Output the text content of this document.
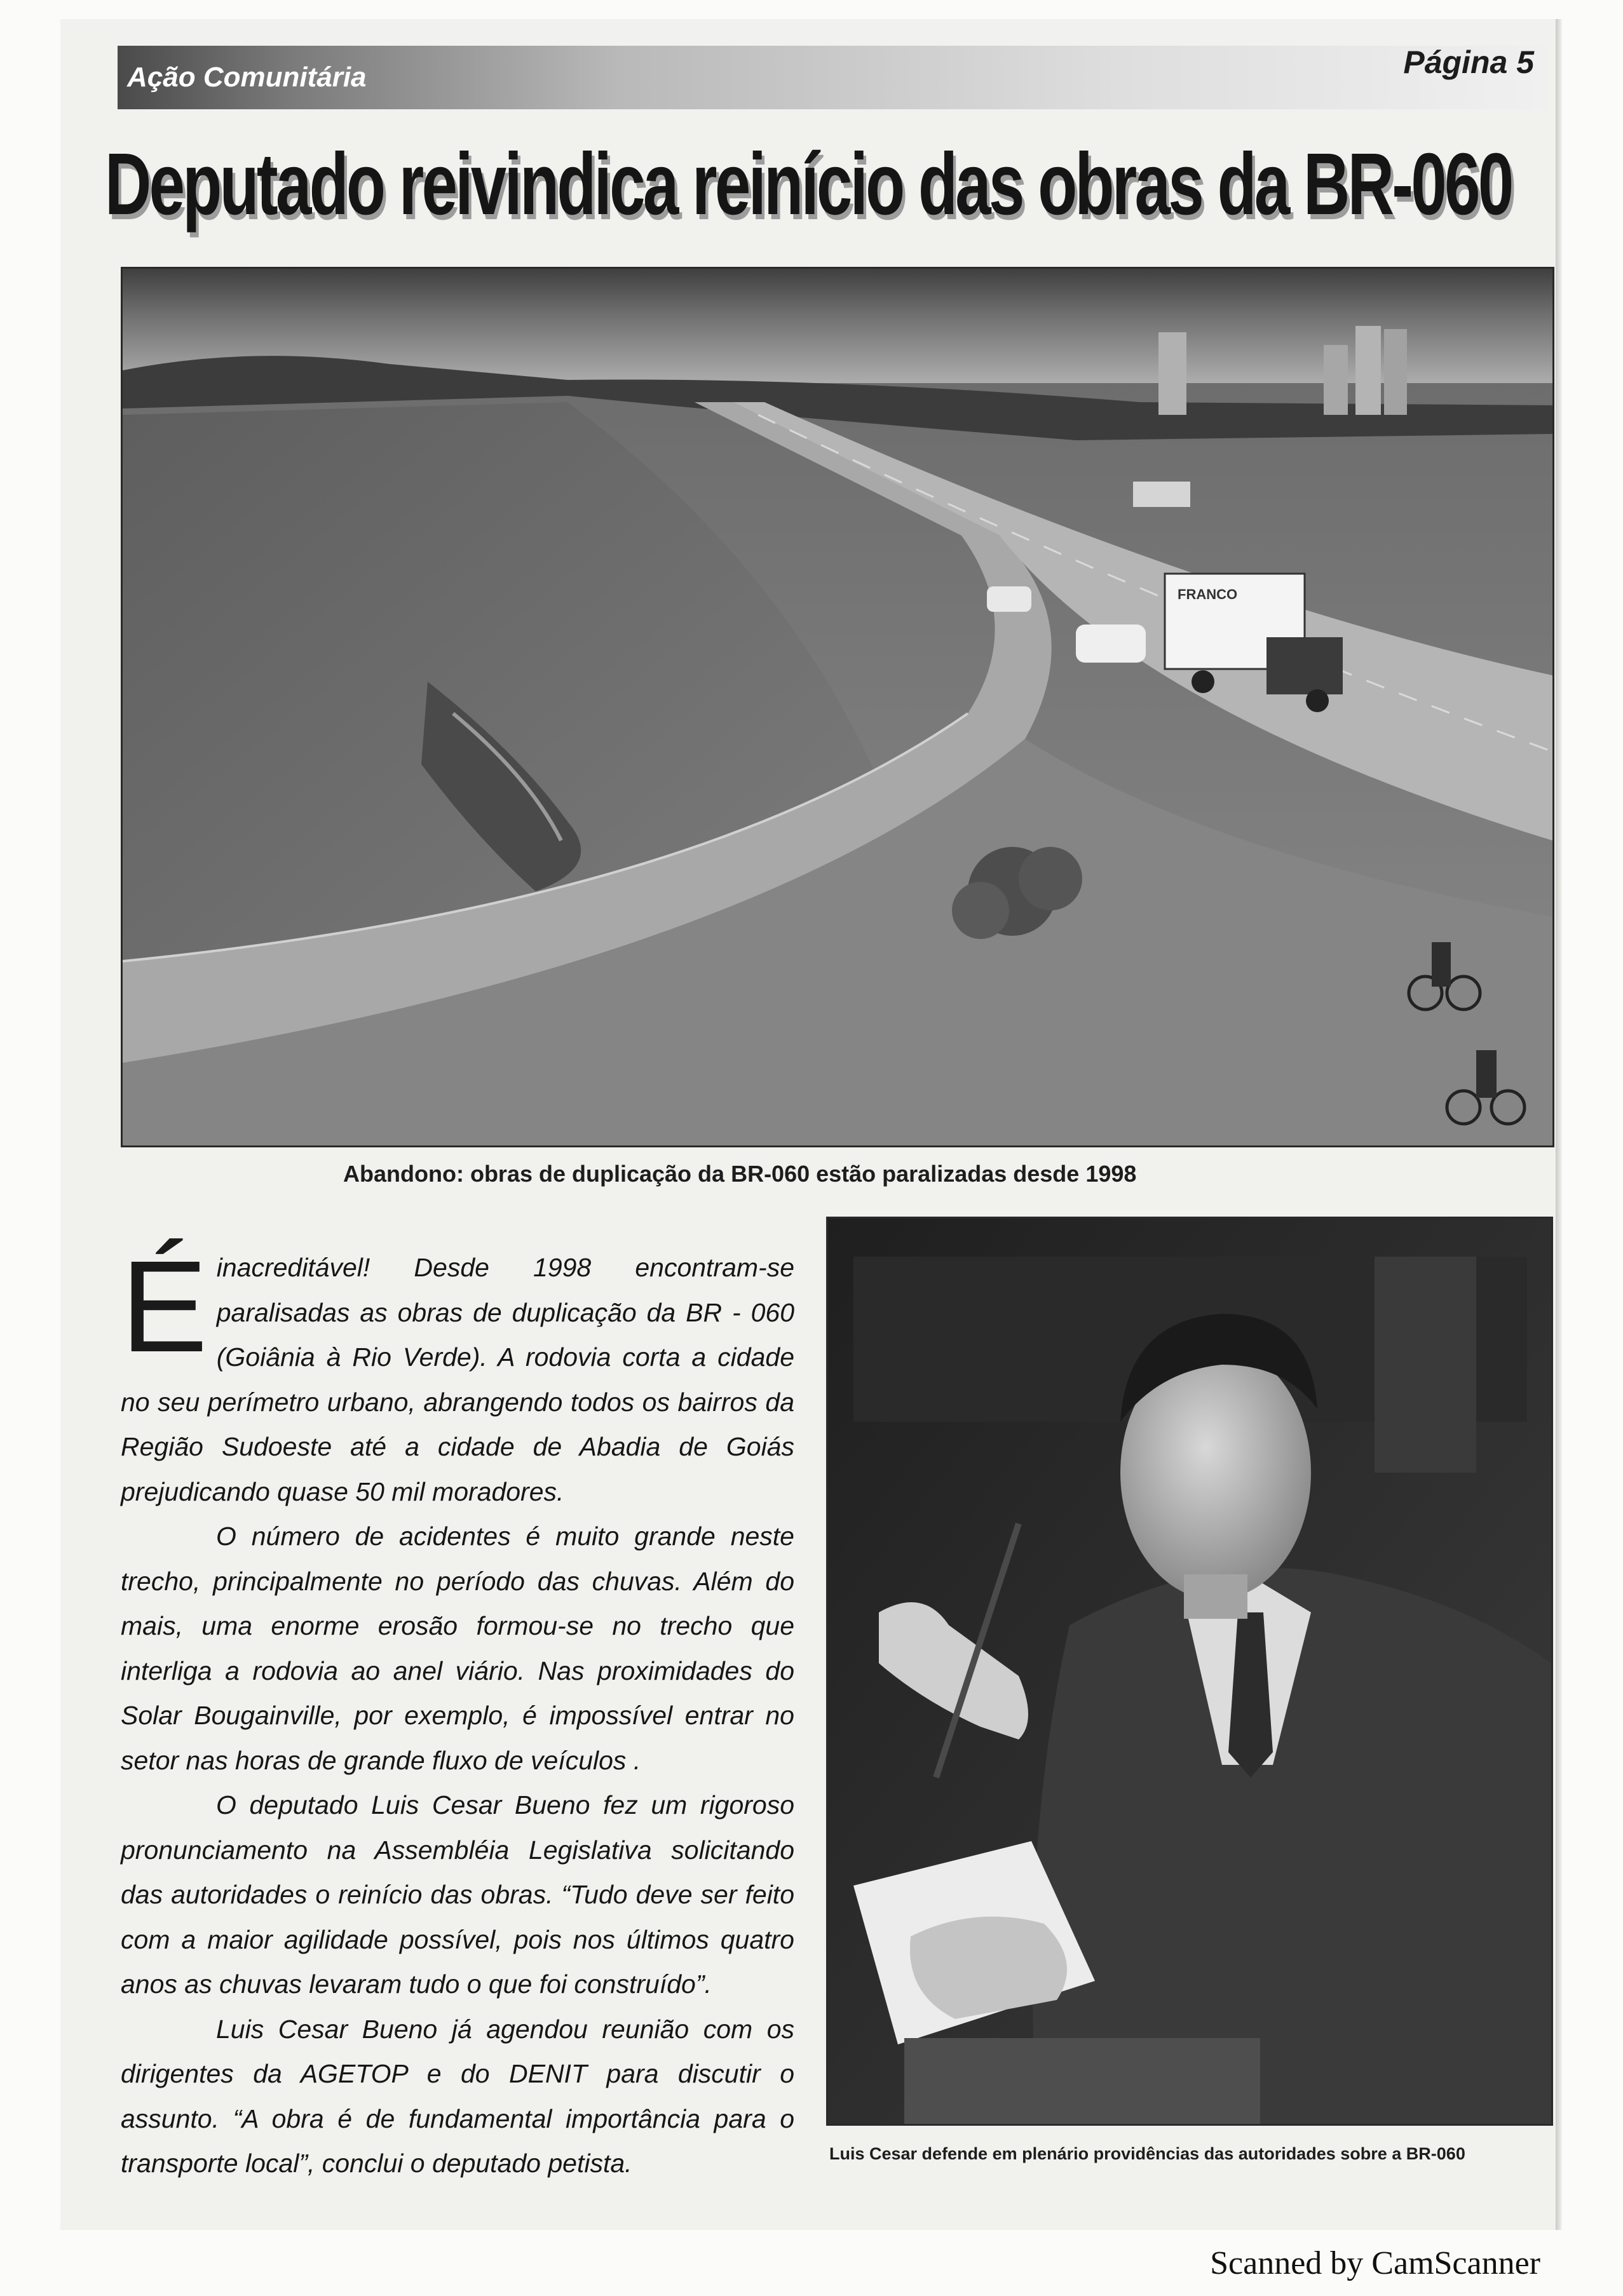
Ação Comunitária	Página 5
Deputado reivindica reinício das obras da BR-060
FRANCO
Abandono: obras de duplicação da BR-060 estão paralizadas desde 1998

É inacreditável! Desde 1998 encontram-se paralisadas as obras de duplicação da BR - 060 (Goiânia à Rio Verde). A rodovia corta a cidade no seu perímetro urbano, abrangendo todos os bairros da Região Sudoeste até a cidade de Abadia de Goiás prejudicando quase 50 mil moradores.

O número de acidentes é muito grande neste trecho, principalmente no período das chuvas. Além do mais, uma enorme erosão formou-se no trecho que interliga a rodovia ao anel viário. Nas proximidades do Solar Bougainville, por exemplo, é impossível entrar no setor nas horas de grande fluxo de veículos .

O deputado Luis Cesar Bueno fez um rigoroso pronunciamento na Assembléia Legislativa solicitando das autoridades o reinício das obras. “Tudo deve ser feito com a maior agilidade possível, pois nos últimos quatro anos as chuvas levaram tudo o que foi construído”.

Luis Cesar Bueno já agendou reunião com os dirigentes da AGETOP e do DENIT para discutir o assunto. “A obra é de fundamental importância para o transporte local”, conclui o deputado petista.	Luis Cesar defende em plenário providências das autoridades sobre a BR-060
Scanned by CamScanner
